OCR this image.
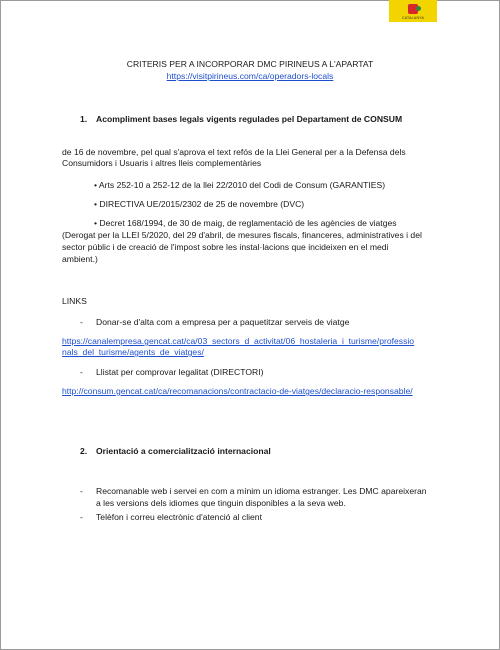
CATALUNYA
CRITERIS PER A INCORPORAR DMC PIRINEUS A L'APARTAT
https://visitpirineus.com/ca/operadors-locals
1. Acompliment bases legals vigents regulades pel Departament de CONSUM
de 16 de novembre, pel qual s'aprova el text refós de la Llei General per a la Defensa dels
Consumidors i Usuaris i altres lleis complementàries
• Arts 252-10 a 252-12 de la llei 22/2010 del Codi de Consum (GARANTIES)
• DIRECTIVA UE/2015/2302 de 25 de novembre (DVC)
• Decret 168/1994, de 30 de maig, de reglamentació de les agències de viatges
(Derogat per la LLEI 5/2020, del 29 d'abril, de mesures fiscals, financeres, administratives i del
sector públic i de creació de l'impost sobre les instal·lacions que incideixen en el medi
ambient.)
LINKS
- Donar-se d'alta com a empresa per a paquetitzar serveis de viatge
https://canalempresa.gencat.cat/ca/03_sectors_d_activitat/06_hostaleria_i_turisme/professio
nals_del_turisme/agents_de_viatges/
- Llistat per comprovar legalitat (DIRECTORI)
http://consum.gencat.cat/ca/recomanacions/contractacio-de-viatges/declaracio-responsable/
2. Orientació a comercialització internacional
- Recomanable web i servei en com a mínim un idioma estranger. Les DMC apareixeran
a les versions dels idiomes que tinguin disponibles a la seva web.
- Telèfon i correu electrònic d'atenció al client
